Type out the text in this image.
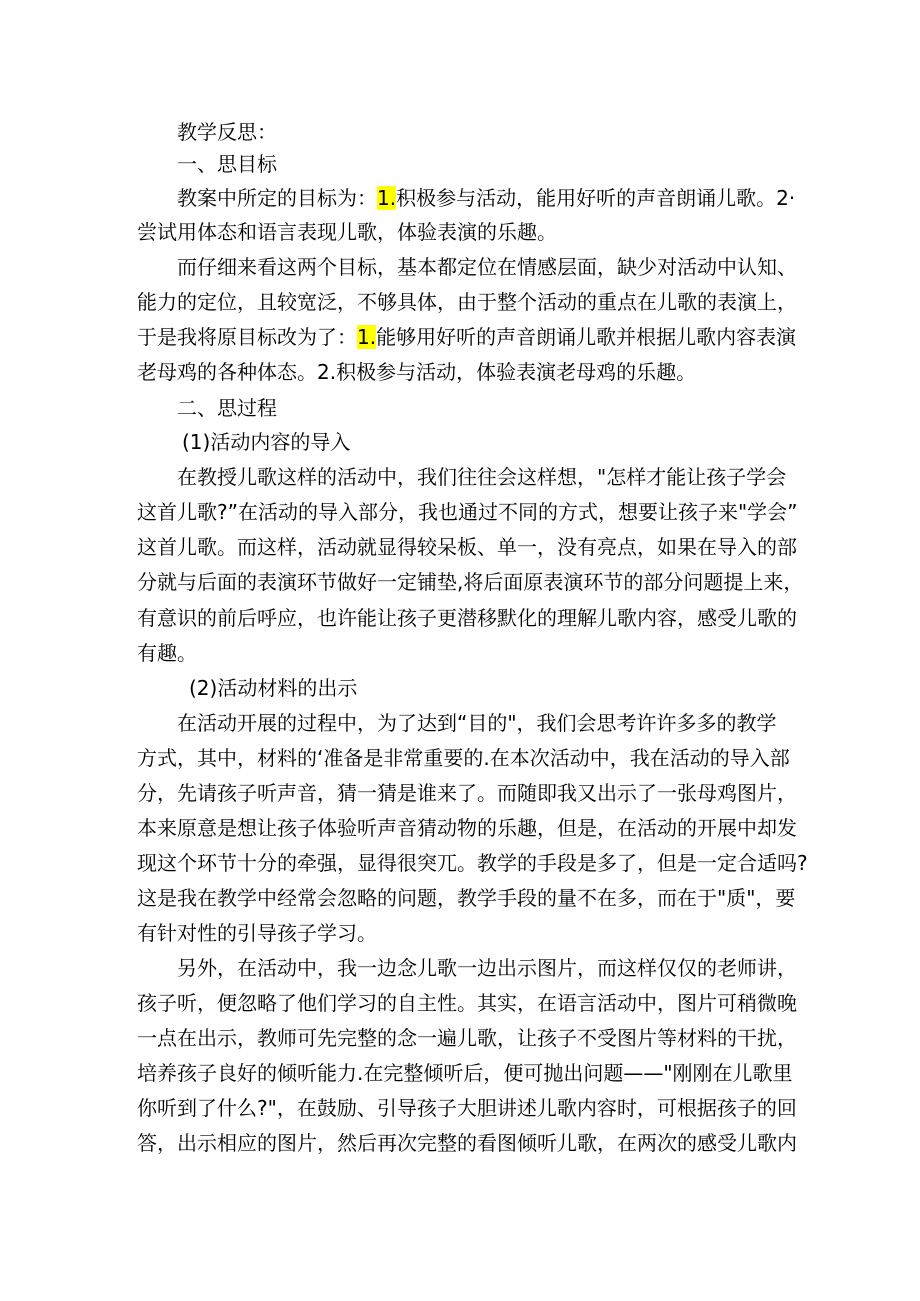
教学反思：

一、思目标

教案中所定的目标为：1.积极参与活动，能用好听的声音朗诵儿歌。2·

尝试用体态和语言表现儿歌，体验表演的乐趣。

而仔细来看这两个目标，基本都定位在情感层面，缺少对活动中认知、

能力的定位，且较宽泛，不够具体，由于整个活动的重点在儿歌的表演上，

于是我将原目标改为了：1.能够用好听的声音朗诵儿歌并根据儿歌内容表演

老母鸡的各种体态。2.积极参与活动，体验表演老母鸡的乐趣。

二、思过程

(1)活动内容的导入

在教授儿歌这样的活动中，我们往往会这样想，"怎样才能让孩子学会

这首儿歌?”在活动的导入部分，我也通过不同的方式，想要让孩子来"学会”

这首儿歌。而这样，活动就显得较呆板、单一，没有亮点，如果在导入的部

分就与后面的表演环节做好一定铺垫,将后面原表演环节的部分问题提上来，

有意识的前后呼应，也许能让孩子更潜移默化的理解儿歌内容，感受儿歌的

有趣。

(2)活动材料的出示

在活动开展的过程中，为了达到“目的"，我们会思考许许多多的教学

方式，其中，材料的‘准备是非常重要的.在本次活动中，我在活动的导入部

分，先请孩子听声音，猜一猜是谁来了。而随即我又出示了一张母鸡图片，

本来原意是想让孩子体验听声音猜动物的乐趣，但是，在活动的开展中却发

现这个环节十分的牵强，显得很突兀。教学的手段是多了，但是一定合适吗?

这是我在教学中经常会忽略的问题，教学手段的量不在多，而在于"质"，要

有针对性的引导孩子学习。

另外，在活动中，我一边念儿歌一边出示图片，而这样仅仅的老师讲，

孩子听，便忽略了他们学习的自主性。其实，在语言活动中，图片可稍微晚

一点在出示，教师可先完整的念一遍儿歌，让孩子不受图片等材料的干扰，

培养孩子良好的倾听能力.在完整倾听后，便可抛出问题——"刚刚在儿歌里

你听到了什么?"，在鼓励、引导孩子大胆讲述儿歌内容时，可根据孩子的回

答，出示相应的图片，然后再次完整的看图倾听儿歌，在两次的感受儿歌内
